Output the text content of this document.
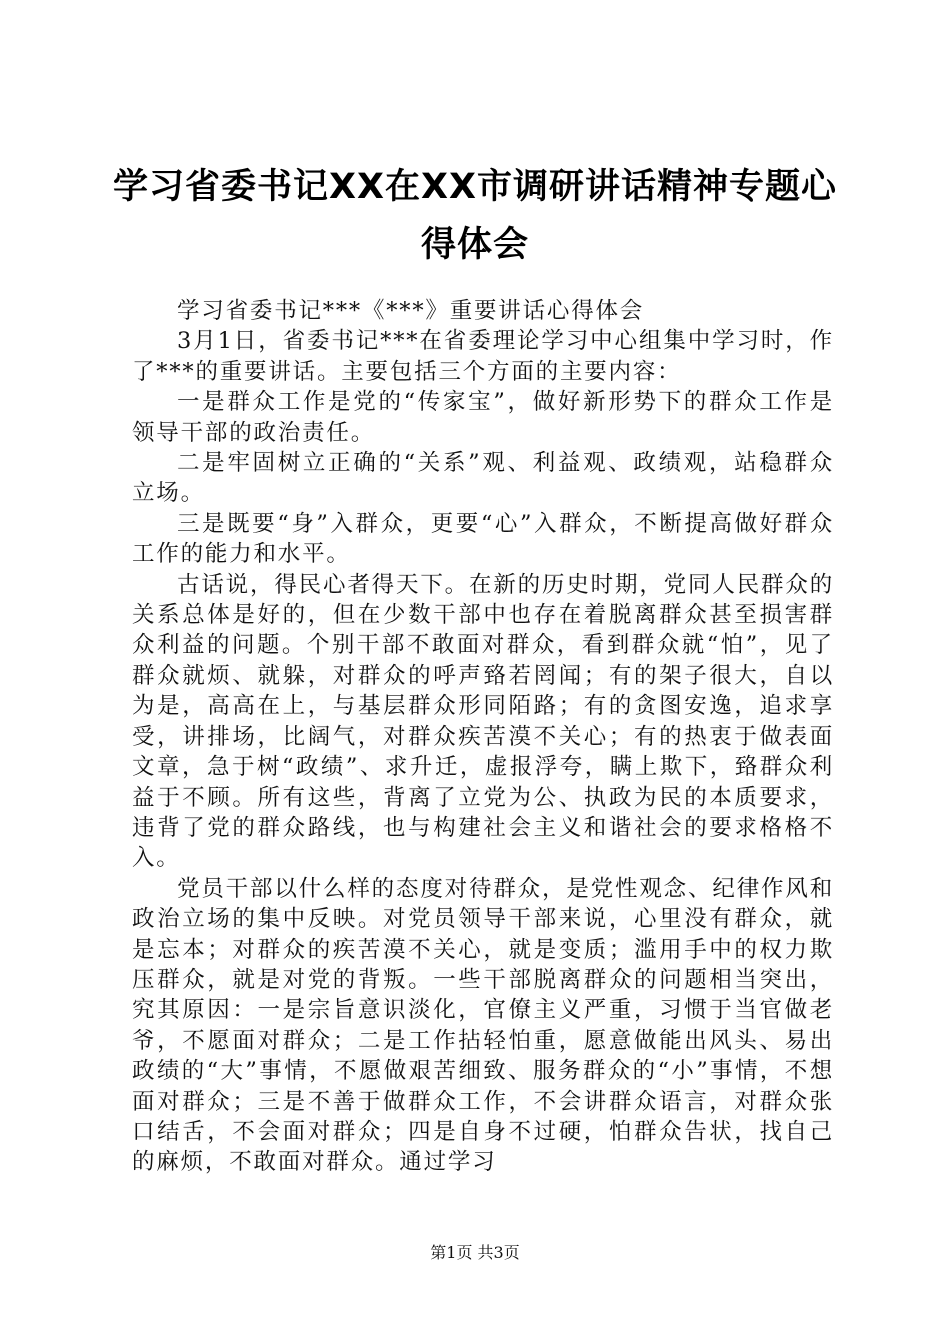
学习省委书记XX在XX市调研讲话精神专题心得体会

学习省委书记***《***》重要讲话心得体会

3月1日，省委书记***在省委理论学习中心组集中学习时，作了***的重要讲话。主要包括三个方面的主要内容：

一是群众工作是党的“传家宝”，做好新形势下的群众工作是领导干部的政治责任。

二是牢固树立正确的“关系”观、利益观、政绩观，站稳群众立场。

三是既要“身”入群众，更要“心”入群众，不断提高做好群众工作的能力和水平。

古话说，得民心者得天下。在新的历史时期，党同人民群众的关系总体是好的，但在少数干部中也存在着脱离群众甚至损害群众利益的问题。个别干部不敢面对群众，看到群众就“怕”，见了群众就烦、就躲，对群众的呼声臵若罔闻；有的架子很大，自以为是，高高在上，与基层群众形同陌路；有的贪图安逸，追求享受，讲排场，比阔气，对群众疾苦漠不关心；有的热衷于做表面文章，急于树“政绩”、求升迁，虚报浮夸，瞒上欺下，臵群众利益于不顾。所有这些，背离了立党为公、执政为民的本质要求，违背了党的群众路线，也与构建社会主义和谐社会的要求格格不入。

党员干部以什么样的态度对待群众，是党性观念、纪律作风和政治立场的集中反映。对党员领导干部来说，心里没有群众，就是忘本；对群众的疾苦漠不关心，就是变质；滥用手中的权力欺压群众，就是对党的背叛。一些干部脱离群众的问题相当突出，究其原因：一是宗旨意识淡化，官僚主义严重，习惯于当官做老爷，不愿面对群众；二是工作拈轻怕重，愿意做能出风头、易出政绩的“大”事情，不愿做艰苦细致、服务群众的“小”事情，不想面对群众；三是不善于做群众工作，不会讲群众语言，对群众张口结舌，不会面对群众；四是自身不过硬，怕群众告状，找自己的麻烦，不敢面对群众。通过学习

第1页 共3页
